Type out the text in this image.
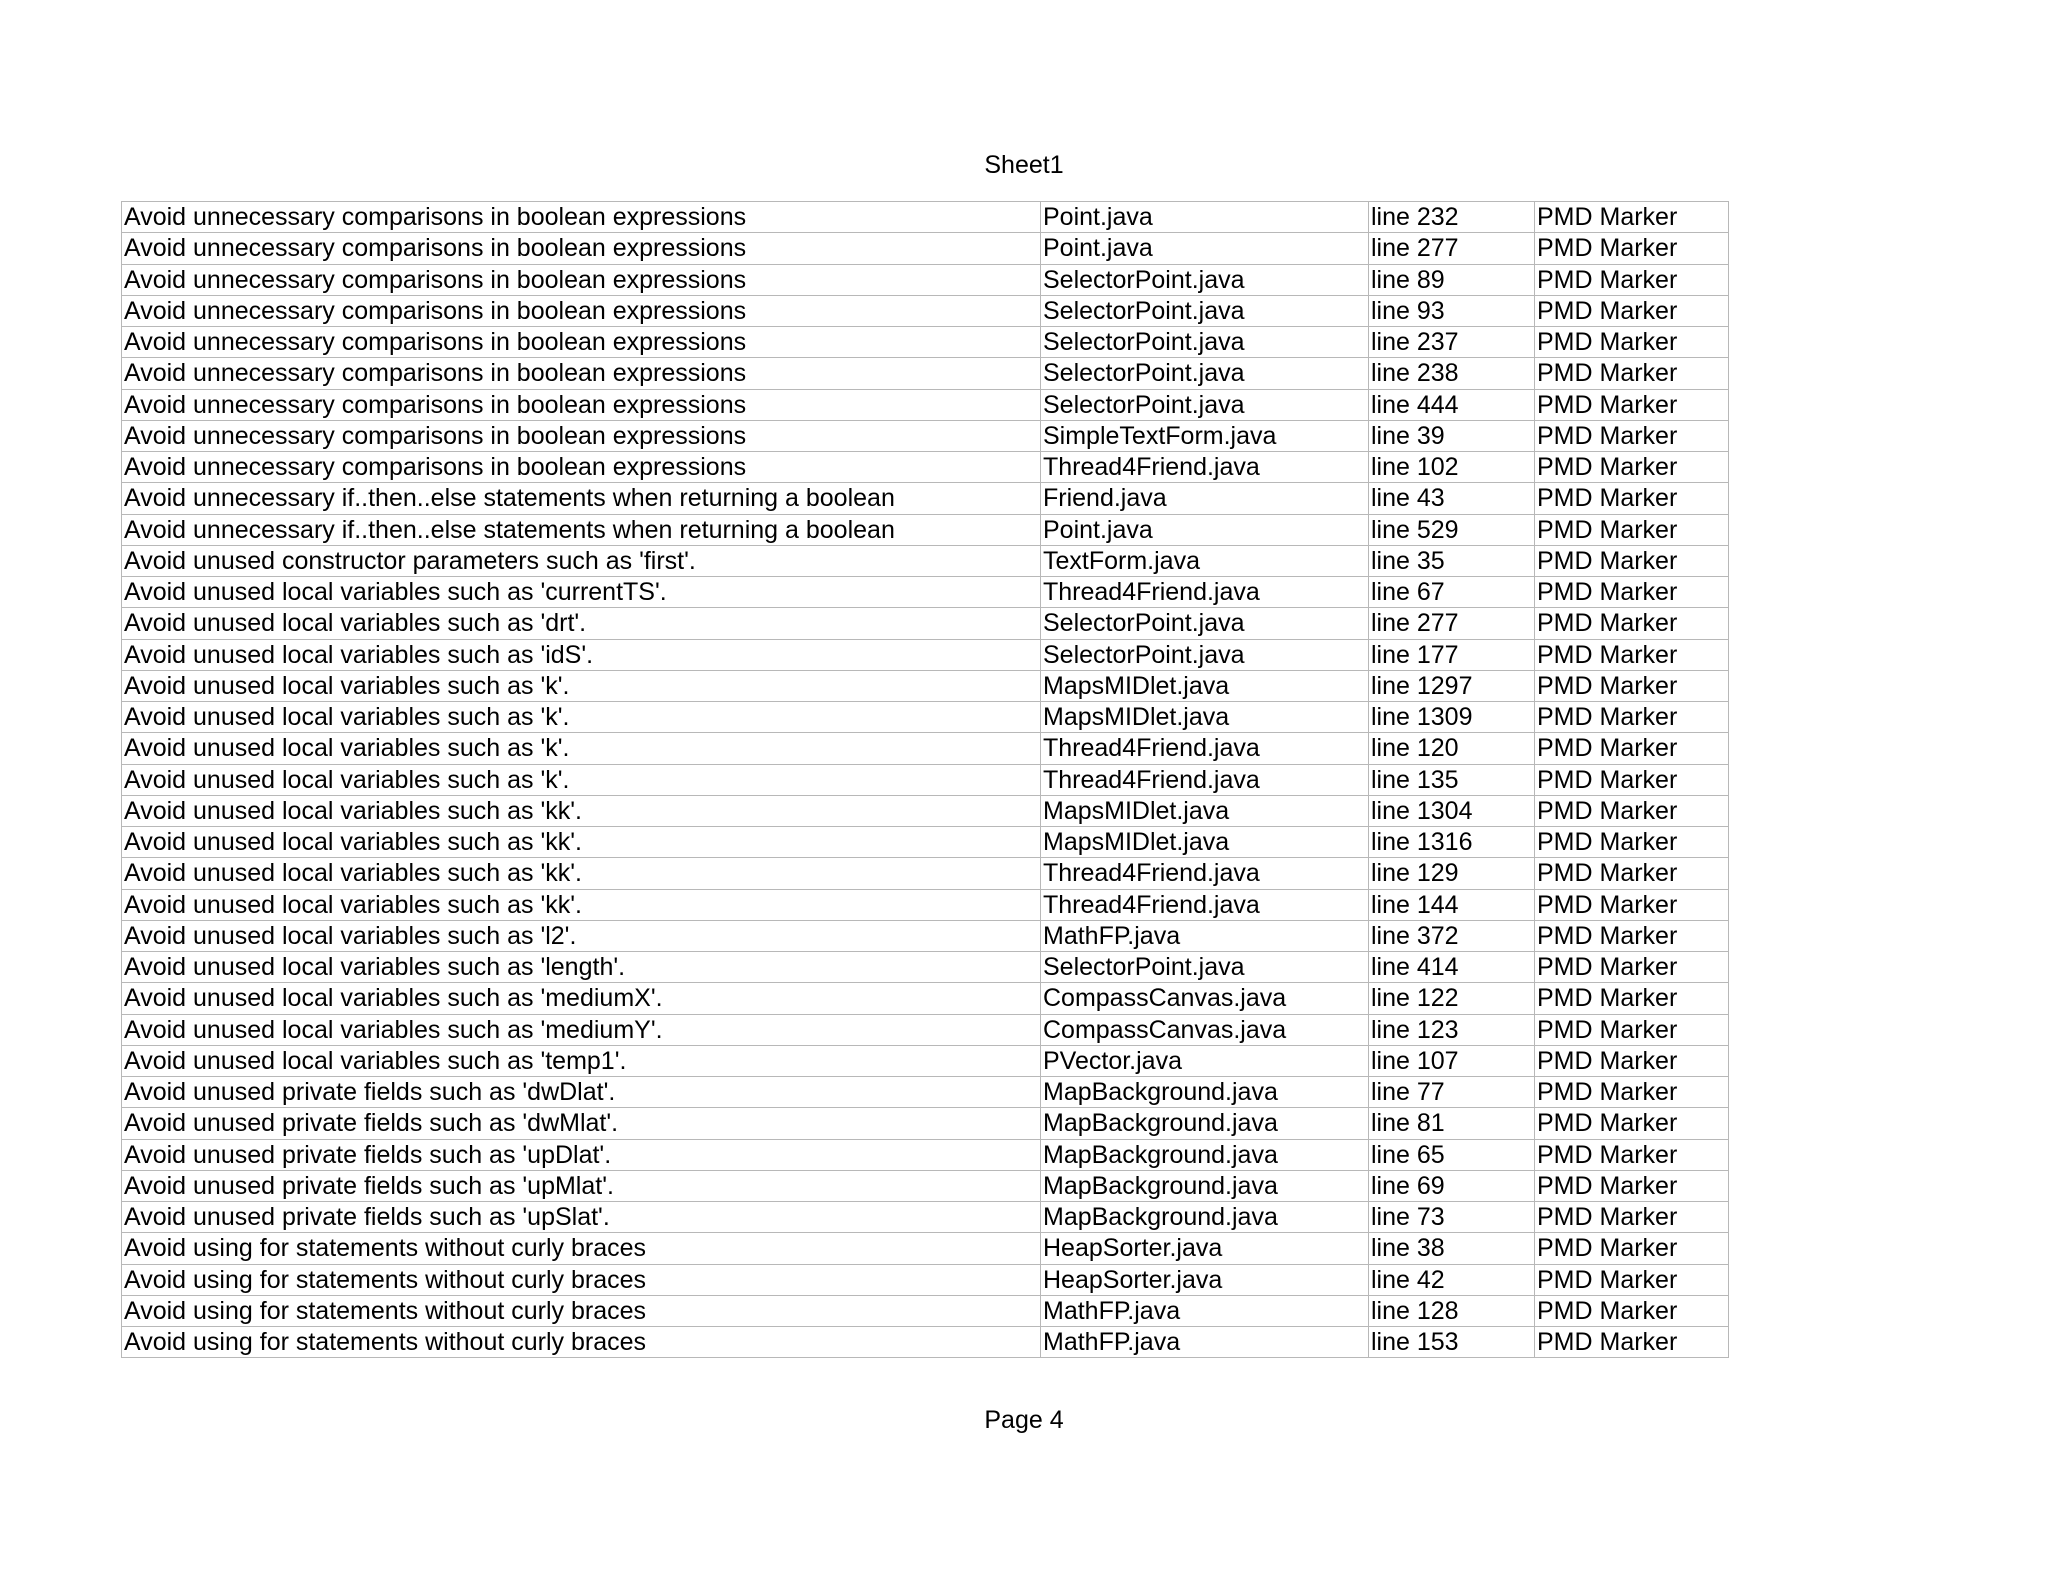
Sheet1
Avoid unnecessary comparisons in boolean expressions	Point.java	line 232	PMD Marker
Avoid unnecessary comparisons in boolean expressions	Point.java	line 277	PMD Marker
Avoid unnecessary comparisons in boolean expressions	SelectorPoint.java	line 89	PMD Marker
Avoid unnecessary comparisons in boolean expressions	SelectorPoint.java	line 93	PMD Marker
Avoid unnecessary comparisons in boolean expressions	SelectorPoint.java	line 237	PMD Marker
Avoid unnecessary comparisons in boolean expressions	SelectorPoint.java	line 238	PMD Marker
Avoid unnecessary comparisons in boolean expressions	SelectorPoint.java	line 444	PMD Marker
Avoid unnecessary comparisons in boolean expressions	SimpleTextForm.java	line 39	PMD Marker
Avoid unnecessary comparisons in boolean expressions	Thread4Friend.java	line 102	PMD Marker
Avoid unnecessary if..then..else statements when returning a boolean	Friend.java	line 43	PMD Marker
Avoid unnecessary if..then..else statements when returning a boolean	Point.java	line 529	PMD Marker
Avoid unused constructor parameters such as 'first'.	TextForm.java	line 35	PMD Marker
Avoid unused local variables such as 'currentTS'.	Thread4Friend.java	line 67	PMD Marker
Avoid unused local variables such as 'drt'.	SelectorPoint.java	line 277	PMD Marker
Avoid unused local variables such as 'idS'.	SelectorPoint.java	line 177	PMD Marker
Avoid unused local variables such as 'k'.	MapsMIDlet.java	line 1297	PMD Marker
Avoid unused local variables such as 'k'.	MapsMIDlet.java	line 1309	PMD Marker
Avoid unused local variables such as 'k'.	Thread4Friend.java	line 120	PMD Marker
Avoid unused local variables such as 'k'.	Thread4Friend.java	line 135	PMD Marker
Avoid unused local variables such as 'kk'.	MapsMIDlet.java	line 1304	PMD Marker
Avoid unused local variables such as 'kk'.	MapsMIDlet.java	line 1316	PMD Marker
Avoid unused local variables such as 'kk'.	Thread4Friend.java	line 129	PMD Marker
Avoid unused local variables such as 'kk'.	Thread4Friend.java	line 144	PMD Marker
Avoid unused local variables such as 'l2'.	MathFP.java	line 372	PMD Marker
Avoid unused local variables such as 'length'.	SelectorPoint.java	line 414	PMD Marker
Avoid unused local variables such as 'mediumX'.	CompassCanvas.java	line 122	PMD Marker
Avoid unused local variables such as 'mediumY'.	CompassCanvas.java	line 123	PMD Marker
Avoid unused local variables such as 'temp1'.	PVector.java	line 107	PMD Marker
Avoid unused private fields such as 'dwDlat'.	MapBackground.java	line 77	PMD Marker
Avoid unused private fields such as 'dwMlat'.	MapBackground.java	line 81	PMD Marker
Avoid unused private fields such as 'upDlat'.	MapBackground.java	line 65	PMD Marker
Avoid unused private fields such as 'upMlat'.	MapBackground.java	line 69	PMD Marker
Avoid unused private fields such as 'upSlat'.	MapBackground.java	line 73	PMD Marker
Avoid using for statements without curly braces	HeapSorter.java	line 38	PMD Marker
Avoid using for statements without curly braces	HeapSorter.java	line 42	PMD Marker
Avoid using for statements without curly braces	MathFP.java	line 128	PMD Marker
Avoid using for statements without curly braces	MathFP.java	line 153	PMD Marker
Page 4
